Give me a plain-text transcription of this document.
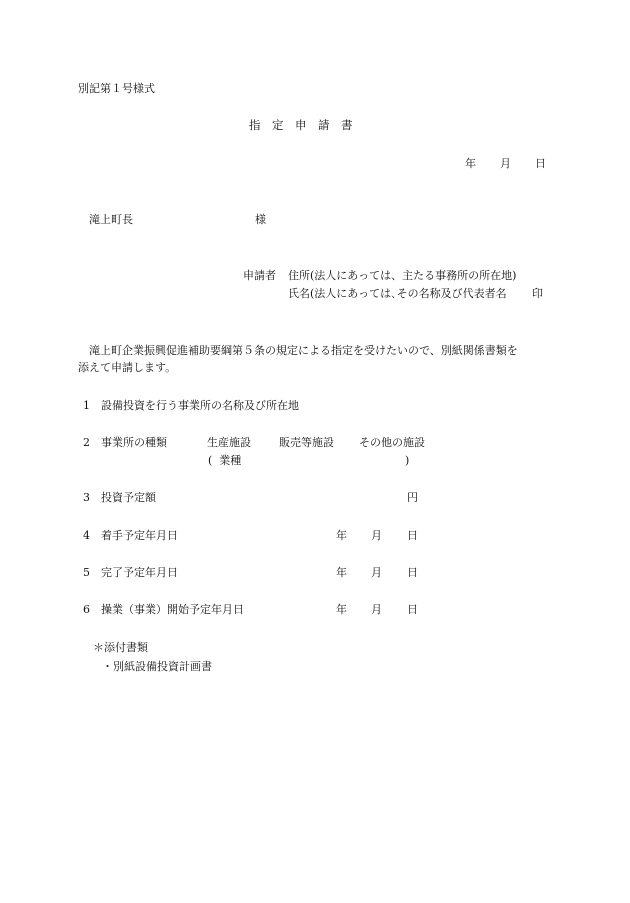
別記第１号様式
指　定　申　請　書
年 月 日
滝上町長	様
申請者 住所(法人にあっては、主たる事務所の所在地)
氏名(法人にあっては､その名称及び代表者名 印
滝上町企業振興促進補助要綱第５条の規定による指定を受けたいので、別紙関係書類を
添えて申請します。
1 設備投資を行う事業所の名称及び所在地
2 事業所の種類	生産施設	販売等施設 その他の施設
(  業種	)
3 投資予定額	円
4 着手予定年月日	年 月 日
5 完了予定年月日	年 月 日
6 操業（事業）開始予定年月日	年 月 日
＊添付書類
・別紙設備投資計画書
